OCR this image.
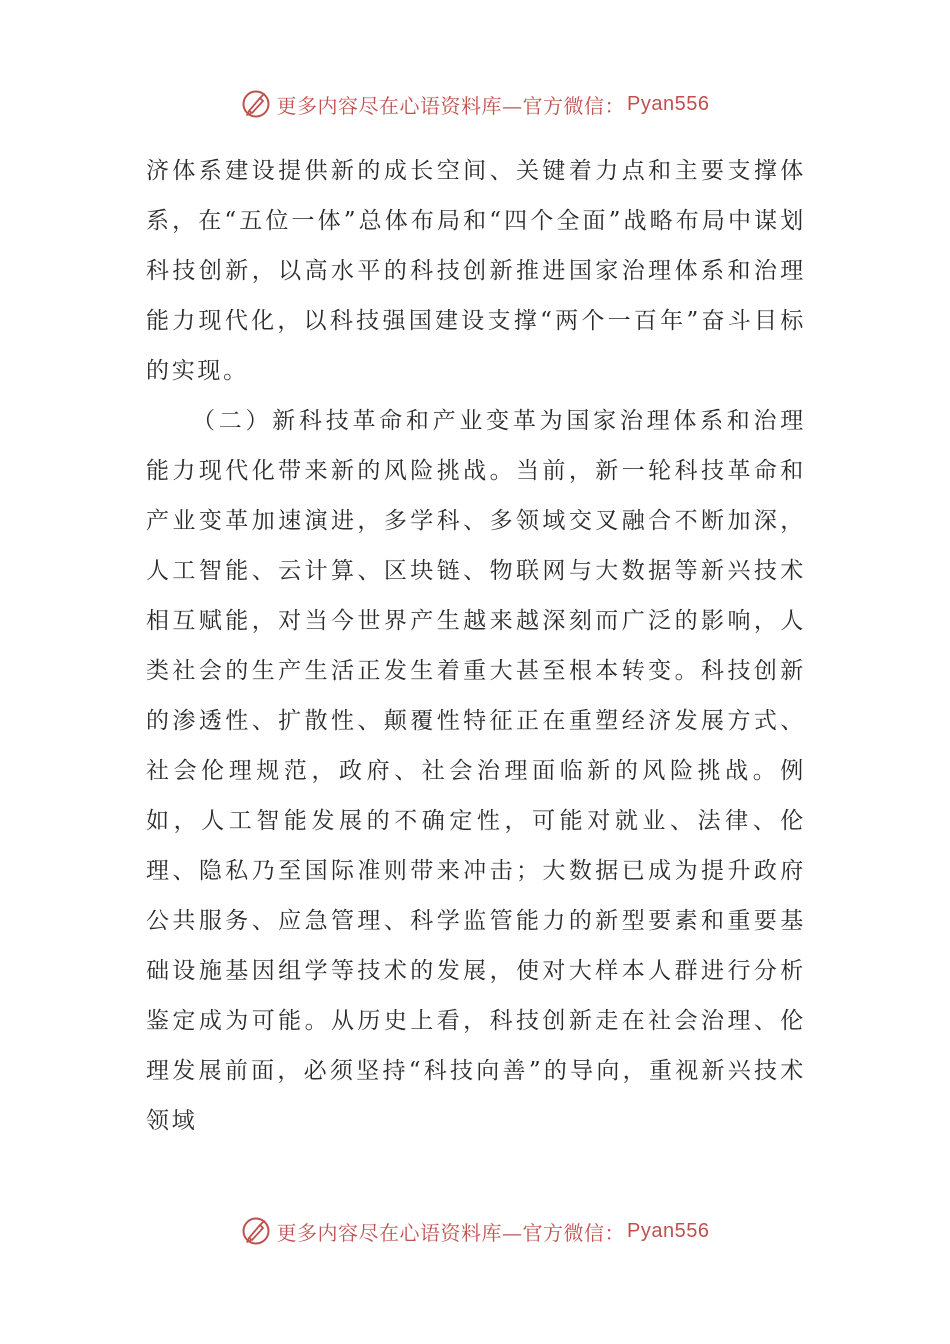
更多内容尽在心语资料库—官方微信： Pyan556

济体系建设提供新的成长空间、关键着力点和主要支撑体系，在“五位一体”总体布局和“四个全面”战略布局中谋划科技创新，以高水平的科技创新推进国家治理体系和治理能力现代化，以科技强国建设支撑“两个一百年”奋斗目标的实现。

（二）新科技革命和产业变革为国家治理体系和治理能力现代化带来新的风险挑战。当前，新一轮科技革命和产业变革加速演进，多学科、多领域交叉融合不断加深，人工智能、云计算、区块链、物联网与大数据等新兴技术相互赋能，对当今世界产生越来越深刻而广泛的影响，人类社会的生产生活正发生着重大甚至根本转变。科技创新的渗透性、扩散性、颠覆性特征正在重塑经济发展方式、社会伦理规范，政府、社会治理面临新的风险挑战。例如，人工智能发展的不确定性，可能对就业、法律、伦理、隐私乃至国际准则带来冲击；大数据已成为提升政府公共服务、应急管理、科学监管能力的新型要素和重要基础设施基因组学等技术的发展，使对大样本人群进行分析鉴定成为可能。从历史上看，科技创新走在社会治理、伦理发展前面，必须坚持“科技向善”的导向，重视新兴技术领域

更多内容尽在心语资料库—官方微信： Pyan556
